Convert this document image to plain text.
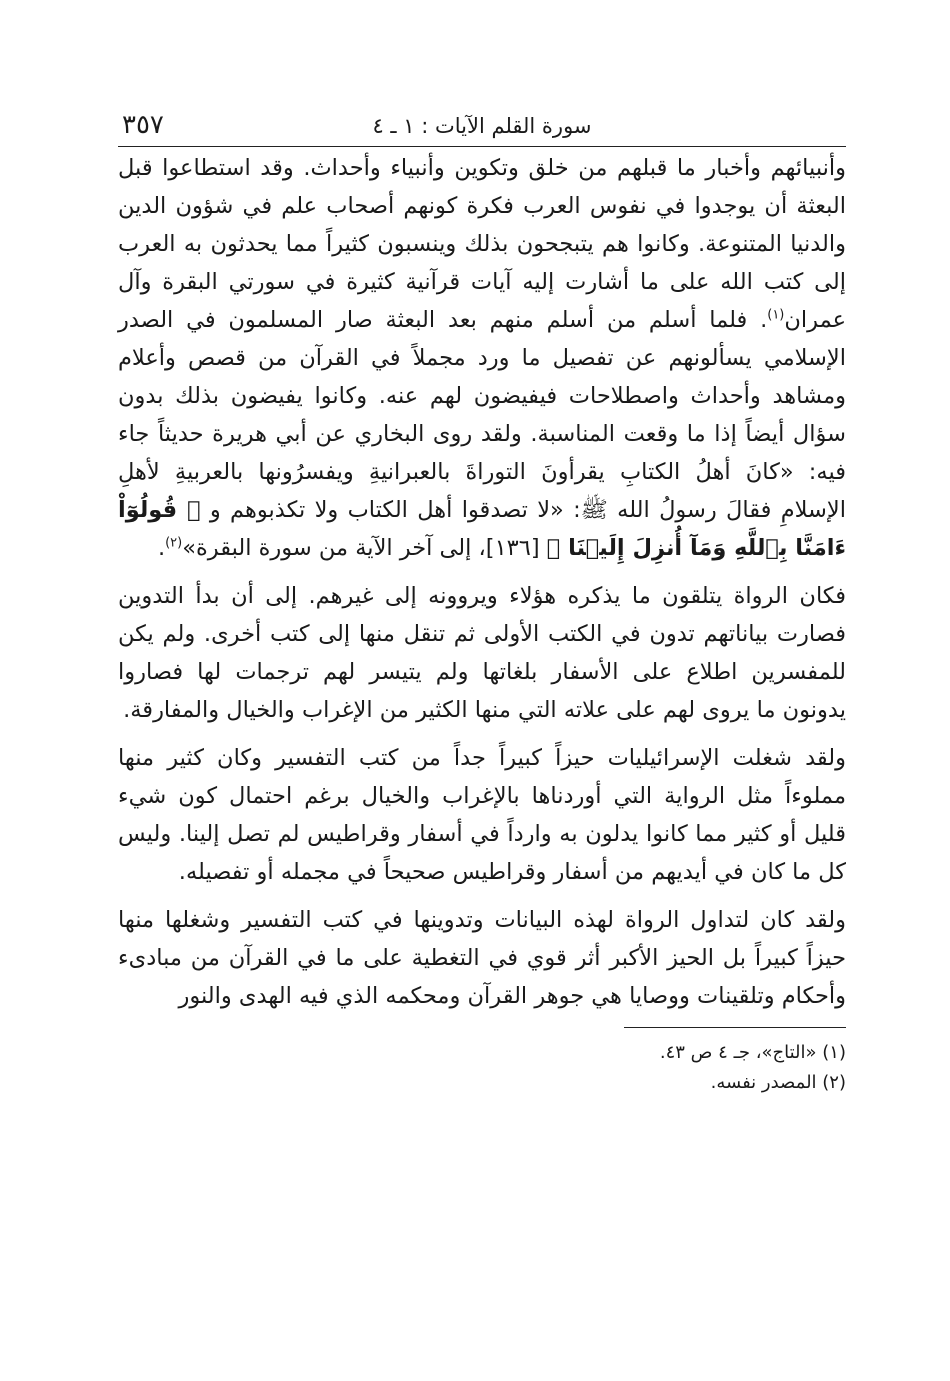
سورة القلم الآيات : ١ ـ ٤
٣٥٧

وأنبيائهم وأخبار ما قبلهم من خلق وتكوين وأنبياء وأحداث. وقد استطاعوا قبل البعثة أن يوجدوا في نفوس العرب فكرة كونهم أصحاب علم في شؤون الدين والدنيا المتنوعة. وكانوا هم يتبجحون بذلك وينسبون كثيراً مما يحدثون به العرب إلى كتب الله على ما أشارت إليه آيات قرآنية كثيرة في سورتي البقرة وآل عمران$^{(١)}$. فلما أسلم من أسلم منهم بعد البعثة صار المسلمون في الصدر الإسلامي يسألونهم عن تفصيل ما ورد مجملاً في القرآن من قصص وأعلام ومشاهد وأحداث واصطلاحات فيفيضون لهم عنه. وكانوا يفيضون بذلك بدون سؤال أيضاً إذا ما وقعت المناسبة. ولقد روى البخاري عن أبي هريرة حديثاً جاء فيه: «كانَ أهلُ الكتابِ يقرأونَ التوراةَ بالعبرانيةِ ويفسرُونها بالعربيةِ لأهلِ الإسلامِ فقالَ رسولُ الله ﷺ: «لا تصدقوا أهل الكتاب ولا تكذبوهم و ﴿ قُولُوٓاْ ءَامَنَّا بِٱللَّهِ وَمَآ أُنزِلَ إِلَيۡنَا ﴾ [١٣٦]، إلى آخر الآية من سورة البقرة»$^{(٢)}$.

فكان الرواة يتلقون ما يذكره هؤلاء ويروونه إلى غيرهم. إلى أن بدأ التدوين فصارت بياناتهم تدون في الكتب الأولى ثم تنقل منها إلى كتب أخرى. ولم يكن للمفسرين اطلاع على الأسفار بلغاتها ولم يتيسر لهم ترجمات لها فصاروا يدونون ما يروى لهم على علاته التي منها الكثير من الإغراب والخيال والمفارقة.

ولقد شغلت الإسرائيليات حيزاً كبيراً جداً من كتب التفسير وكان كثير منها مملوءاً مثل الرواية التي أوردناها بالإغراب والخيال برغم احتمال كون شيء قليل أو كثير مما كانوا يدلون به وارداً في أسفار وقراطيس لم تصل إلينا. وليس كل ما كان في أيديهم من أسفار وقراطيس صحيحاً في مجمله أو تفصيله.

ولقد كان لتداول الرواة لهذه البيانات وتدوينها في كتب التفسير وشغلها منها حيزاً كبيراً بل الحيز الأكبر أثر قوي في التغطية على ما في القرآن من مبادىء وأحكام وتلقينات ووصايا هي جوهر القرآن ومحكمه الذي فيه الهدى والنور

(١) «التاج»، جـ ٤ ص ٤٣.
(٢) المصدر نفسه.
